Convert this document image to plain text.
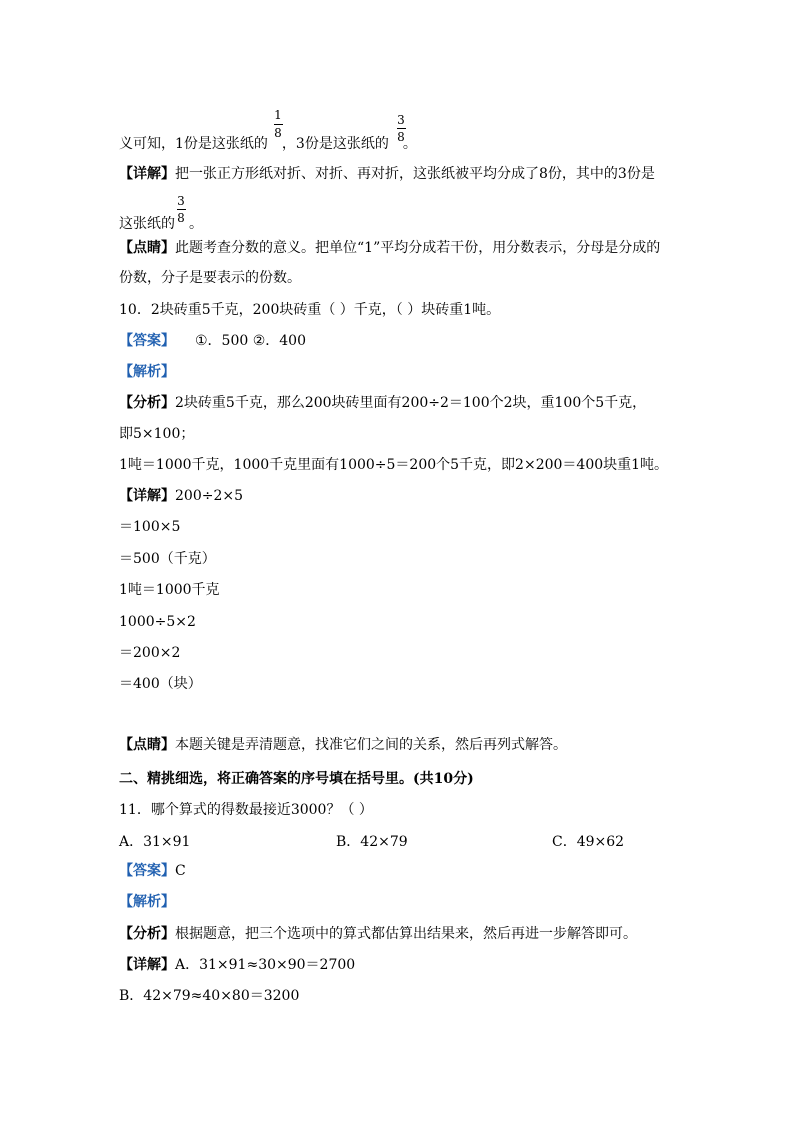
义可知，1份是这张纸的 ，3份是这张纸的 。
1
8
3
8
【详解】把一张正方形纸对折、对折、再对折，这张纸被平均分成了8份，其中的3份是
这张纸的 。
3
8
【点睛】此题考查分数的意义。把单位“1”平均分成若干份，用分数表示，分母是分成的
份数，分子是要表示的份数。
10．2块砖重5千克，200块砖重（ ）千克，（ ）块砖重1吨。
【答案】 ①．500 ②．400
【解析】
【分析】2块砖重5千克，那么200块砖里面有200÷2＝100个2块，重100个5千克，
即5×100；
1吨＝1000千克，1000千克里面有1000÷5＝200个5千克，即2×200＝400块重1吨。
【详解】200÷2×5
＝100×5
＝500（千克）
1吨＝1000千克
1000÷5×2
＝200×2
＝400（块）
【点睛】本题关键是弄清题意，找准它们之间的关系，然后再列式解答。
二、精挑细选，将正确答案的序号填在括号里。(共10分)
11．哪个算式的得数最接近3000？（ ）
A．31×91	B．42×79	C．49×62
【答案】C
【解析】
【分析】根据题意，把三个选项中的算式都估算出结果来，然后再进一步解答即可。
【详解】A．31×91≈30×90＝2700
B．42×79≈40×80＝3200
